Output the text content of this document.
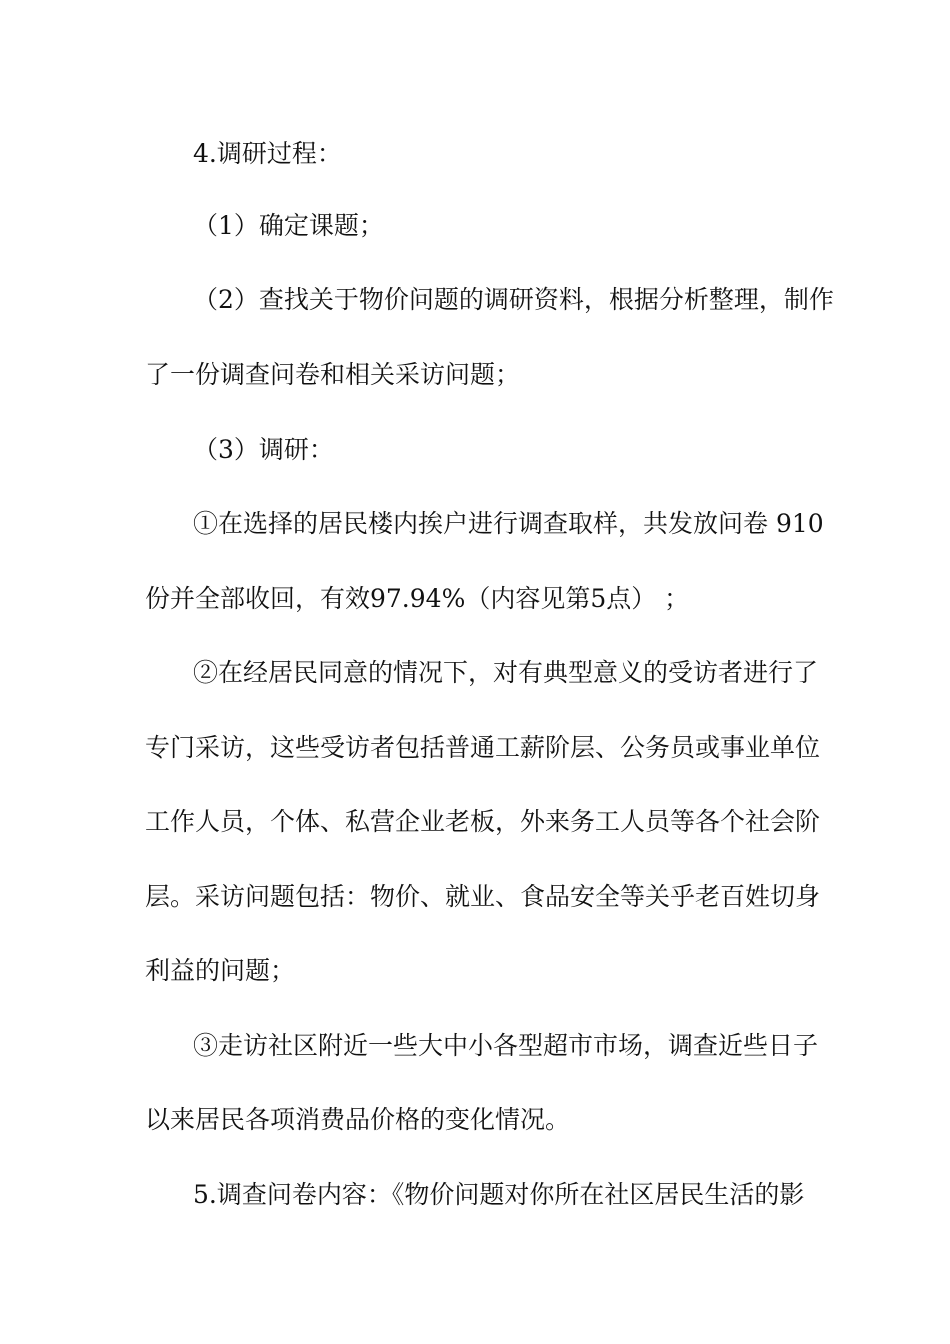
4.调研过程：
（1）确定课题；
（2）查找关于物价问题的调研资料，根据分析整理，制作
了一份调查问卷和相关采访问题；
（3）调研：
①在选择的居民楼内挨户进行调查取样，共发放问卷 910
份并全部收回，有效97.94%（内容见第5点） ；
②在经居民同意的情况下，对有典型意义的受访者进行了
专门采访，这些受访者包括普通工薪阶层、公务员或事业单位
工作人员，个体、私营企业老板，外来务工人员等各个社会阶
层。采访问题包括：物价、就业、食品安全等关乎老百姓切身
利益的问题；
③走访社区附近一些大中小各型超市市场，调查近些日子
以来居民各项消费品价格的变化情况。
5.调查问卷内容：《物价问题对你所在社区居民生活的影
